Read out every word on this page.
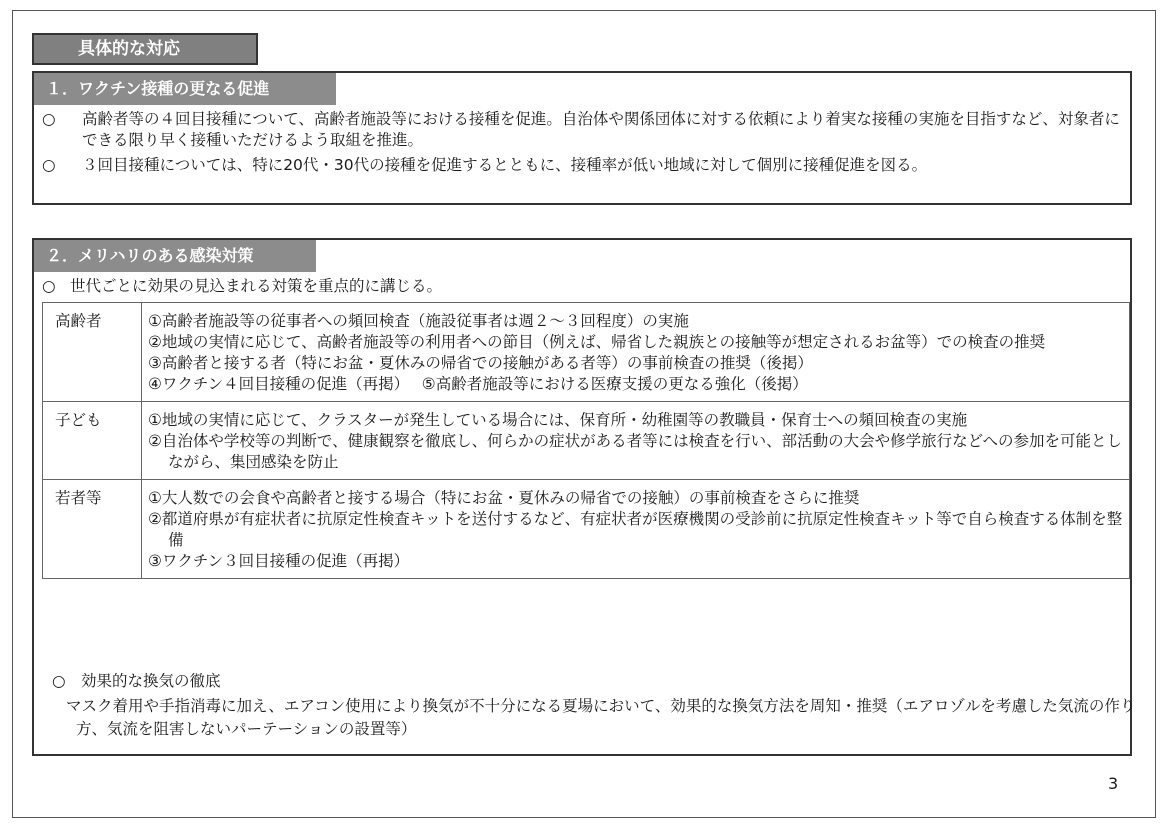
具体的な対応
１．ワクチン接種の更なる促進
○	高齢者等の４回目接種について、高齢者施設等における接種を促進。自治体や関係団体に対する依頼により着実な接種の実施を目指すなど、対象者にできる限り早く接種いただけるよう取組を推進。
○	３回目接種については、特に20代・30代の接種を促進するとともに、接種率が低い地域に対して個別に接種促進を図る。
２．メリハリのある感染対策
○ 世代ごとに効果の見込まれる対策を重点的に講じる。
高齢者	①高齢者施設等の従事者への頻回検査（施設従事者は週２～３回程度）の実施
②地域の実情に応じて、高齢者施設等の利用者への節目（例えば、帰省した親族との接触等が想定されるお盆等）での検査の推奨
③高齢者と接する者（特にお盆・夏休みの帰省での接触がある者等）の事前検査の推奨（後掲）
④ワクチン４回目接種の促進（再掲）　 ⑤高齢者施設等における医療支援の更なる強化（後掲）

子ども	①地域の実情に応じて、クラスターが発生している場合には、保育所・幼稚園等の教職員・保育士への頻回検査の実施
②自治体や学校等の判断で、健康観察を徹底し、何らかの症状がある者等には検査を行い、部活動の大会や修学旅行などへの参加を可能としながら、集団感染を防止

若者等	①大人数での会食や高齢者と接する場合（特にお盆・夏休みの帰省での接触）の事前検査をさらに推奨
②都道府県が有症状者に抗原定性検査キットを送付するなど、有症状者が医療機関の受診前に抗原定性検査キット等で自ら検査する体制を整備
③ワクチン３回目接種の促進（再掲）
○　効果的な換気の徹底
マスク着用や手指消毒に加え、エアコン使用により換気が不十分になる夏場において、効果的な換気方法を周知・推奨（エアロゾルを考慮した気流の作り方、気流を阻害しないパーテーションの設置等）
3
